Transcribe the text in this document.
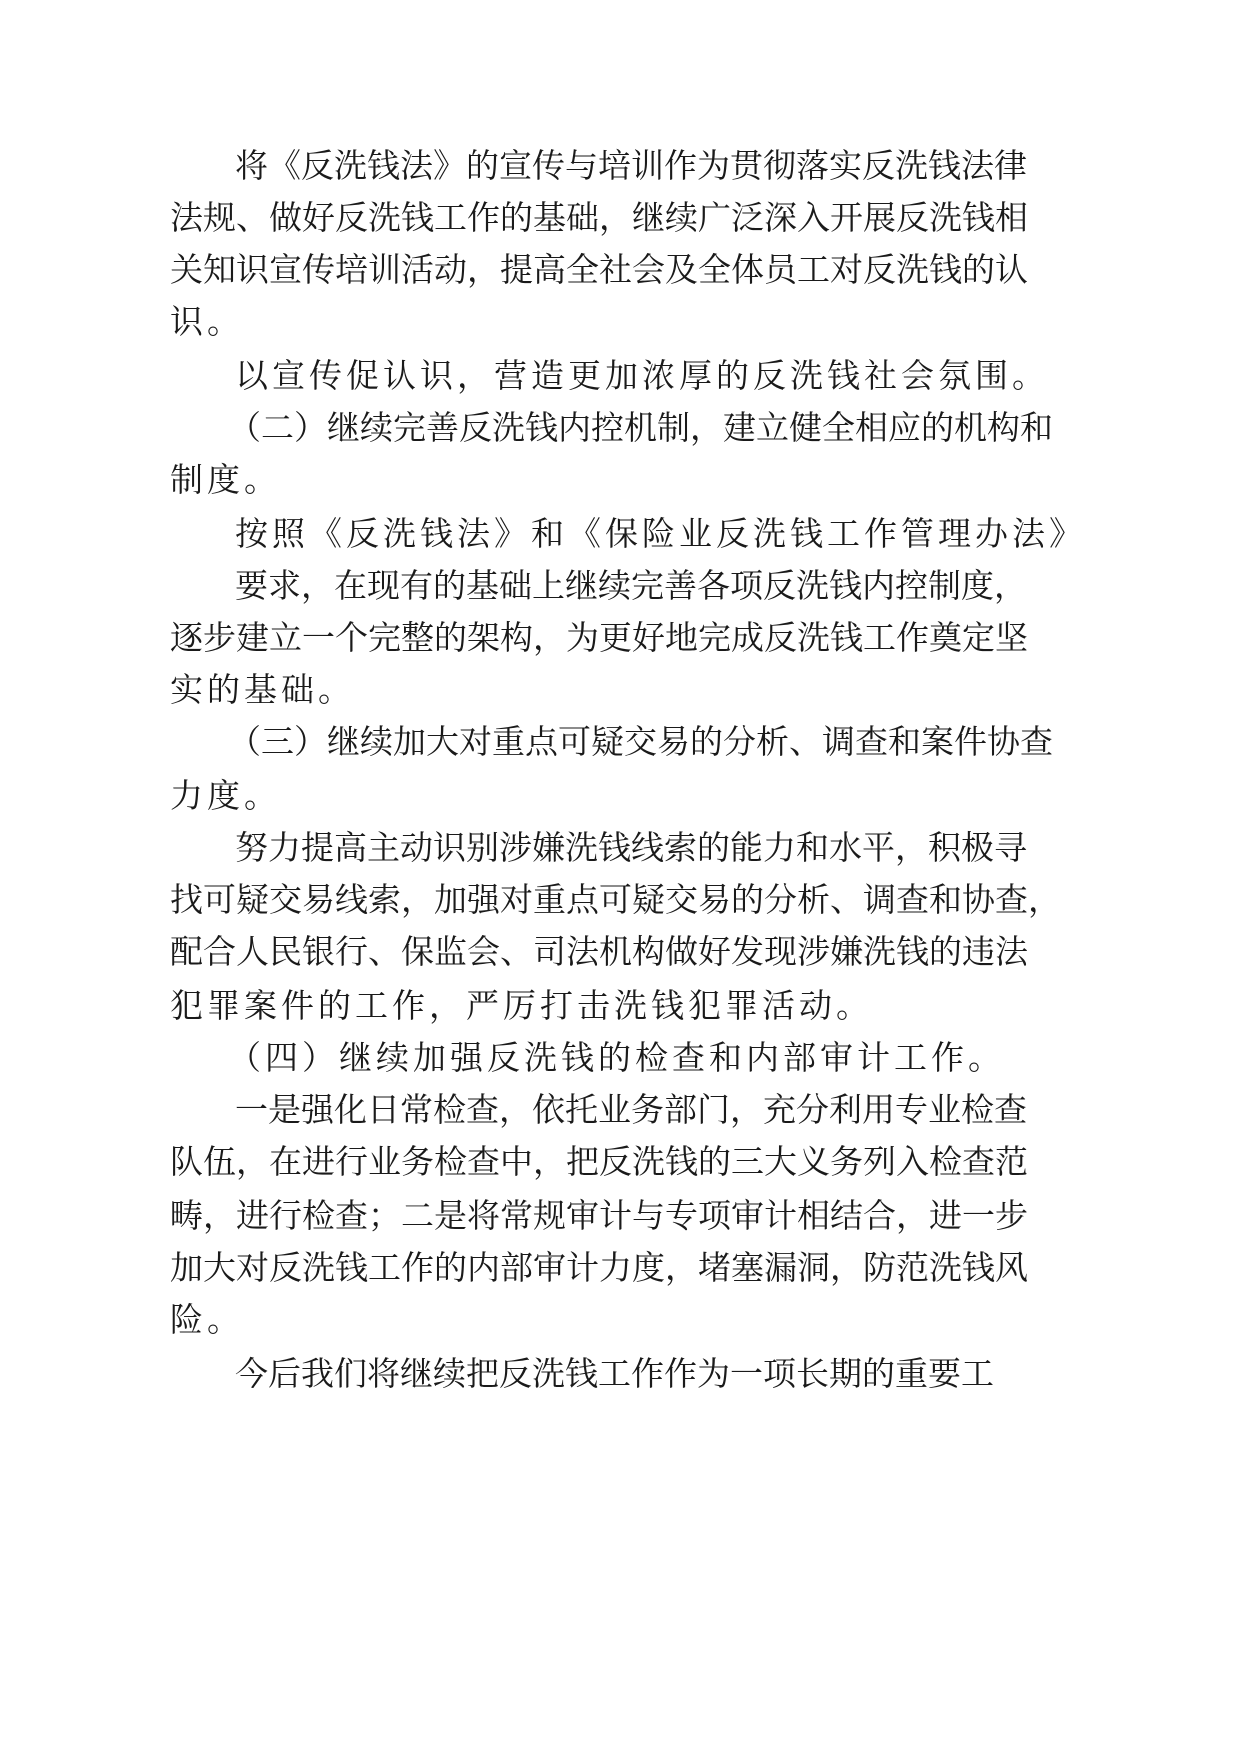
将《反洗钱法》的宣传与培训作为贯彻落实反洗钱法律
法规、做好反洗钱工作的基础，继续广泛深入开展反洗钱相
关知识宣传培训活动，提高全社会及全体员工对反洗钱的认
识。
以宣传促认识，营造更加浓厚的反洗钱社会氛围。
（二）继续完善反洗钱内控机制，建立健全相应的机构和
制度。
按照《反洗钱法》和《保险业反洗钱工作管理办法》
要求，在现有的基础上继续完善各项反洗钱内控制度，
逐步建立一个完整的架构，为更好地完成反洗钱工作奠定坚
实的基础。
（三）继续加大对重点可疑交易的分析、调查和案件协查
力度。
努力提高主动识别涉嫌洗钱线索的能力和水平，积极寻
找可疑交易线索，加强对重点可疑交易的分析、调查和协查，
配合人民银行、保监会、司法机构做好发现涉嫌洗钱的违法
犯罪案件的工作，严厉打击洗钱犯罪活动。
（四）继续加强反洗钱的检查和内部审计工作。
一是强化日常检查，依托业务部门，充分利用专业检查
队伍，在进行业务检查中，把反洗钱的三大义务列入检查范
畴，进行检查；二是将常规审计与专项审计相结合，进一步
加大对反洗钱工作的内部审计力度，堵塞漏洞，防范洗钱风
险。
今后我们将继续把反洗钱工作作为一项长期的重要工
